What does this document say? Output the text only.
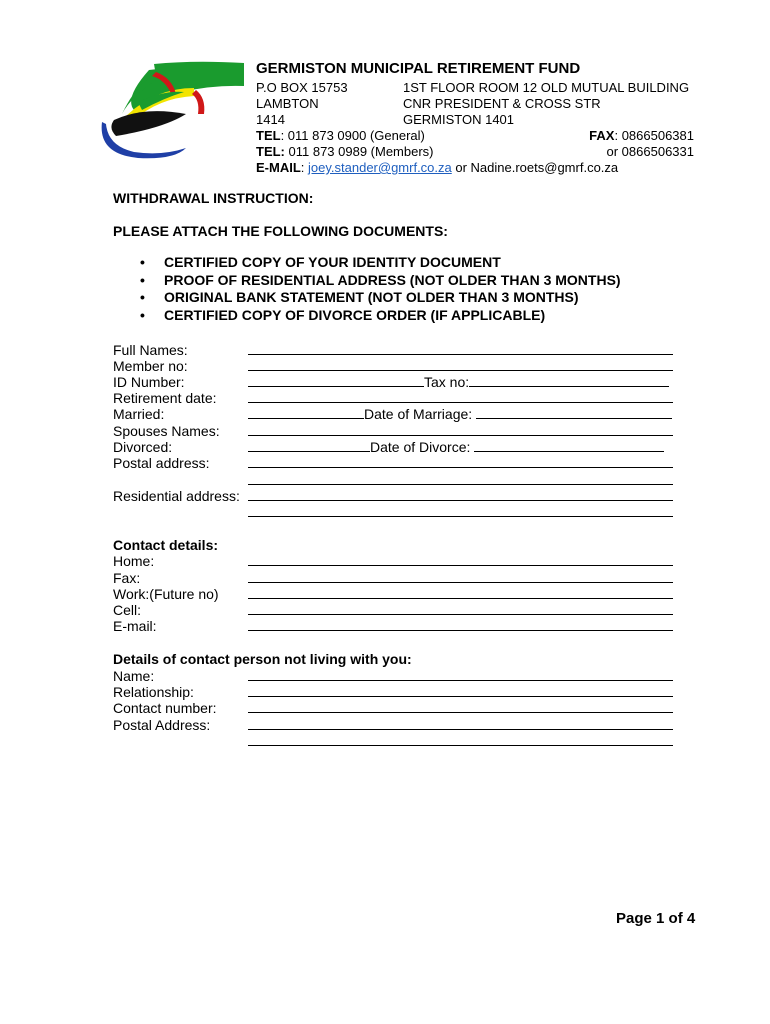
GERMISTON MUNICIPAL RETIREMENT FUND
P.O BOX 15753
LAMBTON
1414
1ST FLOOR ROOM 12 OLD MUTUAL BUILDING
CNR PRESIDENT & CROSS STR
GERMISTON 1401
TEL: 011 873 0900 (General)
TEL: 011 873 0989 (Members)
FAX: 0866506381
or 0866506331
E-MAIL: joey.stander@gmrf.co.za or Nadine.roets@gmrf.co.za
WITHDRAWAL INSTRUCTION:
PLEASE ATTACH THE FOLLOWING DOCUMENTS:
• CERTIFIED COPY OF YOUR IDENTITY DOCUMENT
• PROOF OF RESIDENTIAL ADDRESS (NOT OLDER THAN 3 MONTHS)
• ORIGINAL BANK STATEMENT (NOT OLDER THAN 3 MONTHS)
• CERTIFIED COPY OF DIVORCE ORDER (IF APPLICABLE)
Full Names:
Member no:
ID Number:
Retirement date:
Married:
Spouses Names:
Divorced:
Postal address:
Residential address:
Tax no:
Date of Marriage:
Date of Divorce:
Contact details:
Home:
Fax:
Work:(Future no)
Cell:
E-mail:
Details of contact person not living with you:
Name:
Relationship:
Contact number:
Postal Address:
Page 1 of 4
